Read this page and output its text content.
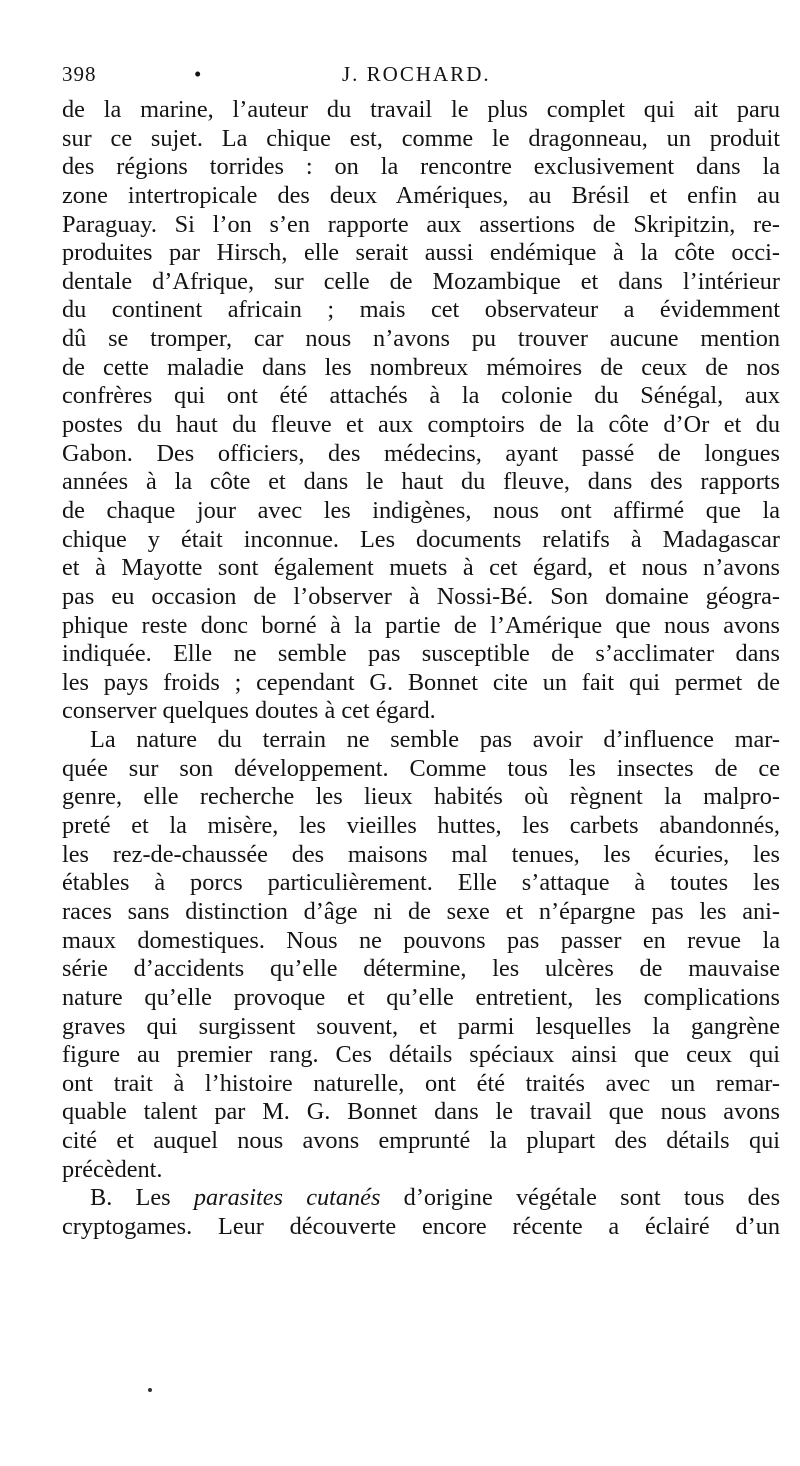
398	•	J. ROCHARD.
de la marine, l’auteur du travail le plus complet qui ait paru
sur ce sujet. La chique est, comme le dragonneau, un produit
des régions torrides : on la rencontre exclusivement dans la
zone intertropicale des deux Amériques, au Brésil et enfin au
Paraguay. Si l’on s’en rapporte aux assertions de Skripitzin, re-
produites par Hirsch, elle serait aussi endémique à la côte occi-
dentale d’Afrique, sur celle de Mozambique et dans l’intérieur
du continent africain ; mais cet observateur a évidemment
dû se tromper, car nous n’avons pu trouver aucune mention
de cette maladie dans les nombreux mémoires de ceux de nos
confrères qui ont été attachés à la colonie du Sénégal, aux
postes du haut du fleuve et aux comptoirs de la côte d’Or et du
Gabon. Des officiers, des médecins, ayant passé de longues
années à la côte et dans le haut du fleuve, dans des rapports
de chaque jour avec les indigènes, nous ont affirmé que la
chique y était inconnue. Les documents relatifs à Madagascar
et à Mayotte sont également muets à cet égard, et nous n’avons
pas eu occasion de l’observer à Nossi-Bé. Son domaine géogra-
phique reste donc borné à la partie de l’Amérique que nous avons
indiquée. Elle ne semble pas susceptible de s’acclimater dans
les pays froids ; cependant G. Bonnet cite un fait qui permet de
conserver quelques doutes à cet égard.
La nature du terrain ne semble pas avoir d’influence mar-
quée sur son développement. Comme tous les insectes de ce
genre, elle recherche les lieux habités où règnent la malpro-
preté et la misère, les vieilles huttes, les carbets abandonnés,
les rez-de-chaussée des maisons mal tenues, les écuries, les
étables à porcs particulièrement. Elle s’attaque à toutes les
races sans distinction d’âge ni de sexe et n’épargne pas les ani-
maux domestiques. Nous ne pouvons pas passer en revue la
série d’accidents qu’elle détermine, les ulcères de mauvaise
nature qu’elle provoque et qu’elle entretient, les complications
graves qui surgissent souvent, et parmi lesquelles la gangrène
figure au premier rang. Ces détails spéciaux ainsi que ceux qui
ont trait à l’histoire naturelle, ont été traités avec un remar-
quable talent par M. G. Bonnet dans le travail que nous avons
cité et auquel nous avons emprunté la plupart des détails qui
précèdent.
B. Les parasites cutanés d’origine végétale sont tous des
cryptogames. Leur découverte encore récente a éclairé d’un
